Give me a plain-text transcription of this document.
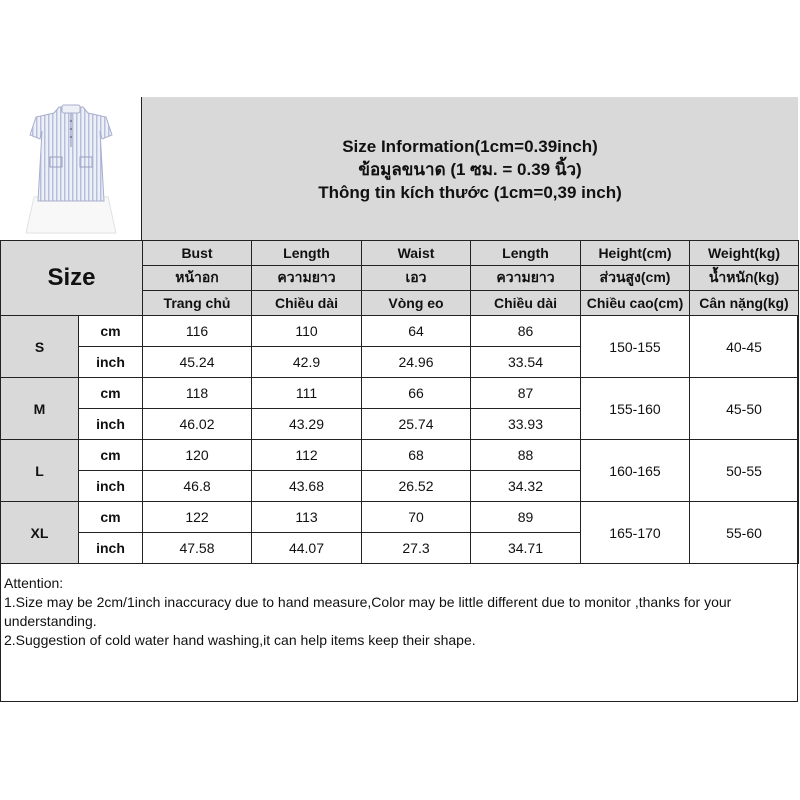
Size Information(1cm=0.39inch)
ข้อมูลขนาด (1 ซม. = 0.39 นิ้ว)
Thông tin kích thước (1cm=0,39 inch)
Size		Bust	Length	Waist	Length	Height(cm)	Weight(kg)
		หน้าอก	ความยาว	เอว	ความยาว	ส่วนสูง(cm)	น้ำหนัก(kg)
		Trang chủ	Chiều dài	Vòng eo	Chiều dài	Chiều cao(cm)	Cân nặng(kg)
S	cm	116	110	64	86	150-155	40-45
	inch	45.24	42.9	24.96	33.54		
M	cm	118	111	66	87	155-160	45-50
	inch	46.02	43.29	25.74	33.93		
L	cm	120	112	68	88	160-165	50-55
	inch	46.8	43.68	26.52	34.32		
XL	cm	122	113	70	89	165-170	55-60
	inch	47.58	44.07	27.3	34.71		
Attention:
1.Size may be 2cm/1inch inaccuracy due to hand measure,Color may be little different due to monitor ,thanks for your understanding.
2.Suggestion of cold water hand washing,it can help items keep their shape.
